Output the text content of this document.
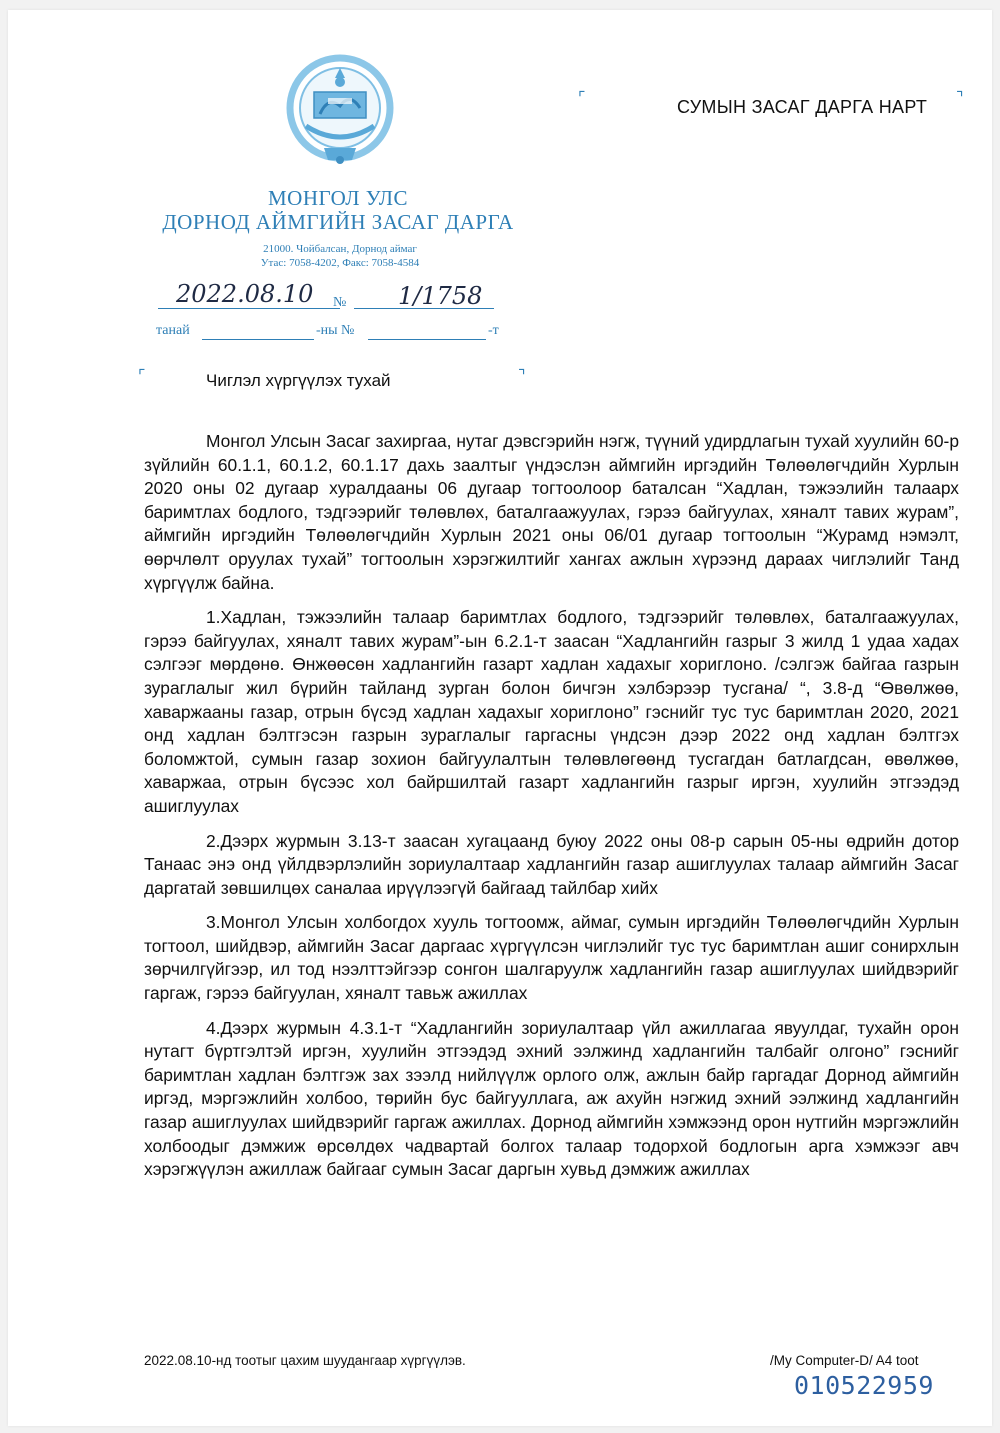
МОНГОЛ УЛС
ДОРНОД АЙМГИЙН ЗАСАГ ДАРГА
21000. Чойбалсан, Дорнод аймаг
Утас: 7058-4202, Факс: 7058-4584
2022.08.10 № 1/1758
танай	-ны №	-т
⌜	СУМЫН ЗАСАГ ДАРГА НАРТ ⌝
⌜	Чиглэл хүргүүлэх тухай	⌝

Монгол Улсын Засаг захиргаа, нутаг дэвсгэрийн нэгж, түүний удирдлагын тухай хуулийн 60-р зүйлийн 60.1.1, 60.1.2, 60.1.17 дахь заалтыг үндэслэн аймгийн иргэдийн Төлөөлөгчдийн Хурлын 2020 оны 02 дугаар хуралдааны 06 дугаар тогтоолоор баталсан “Хадлан, тэжээлийн талаарх баримтлах бодлого, тэдгээрийг төлөвлөх, баталгаажуулах, гэрээ байгуулах, хяналт тавих журам”, аймгийн иргэдийн Төлөөлөгчдийн Хурлын 2021 оны 06/01 дугаар тогтоолын “Журамд нэмэлт, өөрчлөлт оруулах тухай” тогтоолын хэрэгжилтийг хангах ажлын хүрээнд дараах чиглэлийг Танд хүргүүлж байна.

1.Хадлан, тэжээлийн талаар баримтлах бодлого, тэдгээрийг төлөвлөх, баталгаажуулах, гэрээ байгуулах, хяналт тавих журам”-ын 6.2.1-т заасан “Хадлангийн газрыг 3 жилд 1 удаа хадах сэлгээг мөрдөнө. Өнжөөсөн хадлангийн газарт хадлан хадахыг хориглоно. /сэлгэж байгаа газрын зураглалыг жил бүрийн тайланд зурган болон бичгэн хэлбэрээр тусгана/ “, 3.8-д “Өвөлжөө, хаваржааны газар, отрын бүсэд хадлан хадахыг хориглоно” гэснийг тус тус баримтлан 2020, 2021 онд хадлан бэлтгэсэн газрын зураглалыг гаргасны үндсэн дээр 2022 онд хадлан бэлтгэх боломжтой, сумын газар зохион байгуулалтын төлөвлөгөөнд тусгагдан батлагдсан, өвөлжөө, хаваржаа, отрын бүсээс хол байршилтай газарт хадлангийн газрыг иргэн, хуулийн этгээдэд ашиглуулах

2.Дээрх журмын 3.13-т заасан хугацаанд буюу 2022 оны 08-р сарын 05-ны өдрийн дотор Танаас энэ онд үйлдвэрлэлийн зориулалтаар хадлангийн газар ашиглуулах талаар аймгийн Засаг даргатай зөвшилцөх саналаа ирүүлээгүй байгаад тайлбар хийх

3.Монгол Улсын холбогдох хууль тогтоомж, аймаг, сумын иргэдийн Төлөөлөгчдийн Хурлын тогтоол, шийдвэр, аймгийн Засаг даргаас хүргүүлсэн чиглэлийг тус тус баримтлан ашиг сонирхлын зөрчилгүйгээр, ил тод нээлттэйгээр сонгон шалгаруулж хадлангийн газар ашиглуулах шийдвэрийг гаргаж, гэрээ байгуулан, хяналт тавьж ажиллах

4.Дээрх журмын 4.3.1-т “Хадлангийн зориулалтаар үйл ажиллагаа явуулдаг, тухайн орон нутагт бүртгэлтэй иргэн, хуулийн этгээдэд эхний ээлжинд хадлангийн талбайг олгоно” гэснийг баримтлан хадлан бэлтгэж зах зээлд нийлүүлж орлого олж, ажлын байр гаргадаг Дорнод аймгийн иргэд, мэргэжлийн холбоо, төрийн бус байгууллага, аж ахуйн нэгжид эхний ээлжинд хадлангийн газар ашиглуулах шийдвэрийг гаргаж ажиллах. Дорнод аймгийн хэмжээнд орон нутгийн мэргэжлийн холбоодыг дэмжиж өрсөлдөх чадвартай болгох талаар тодорхой бодлогын арга хэмжээг авч хэрэгжүүлэн ажиллаж байгааг сумын Засаг даргын хувьд дэмжиж ажиллах

2022.08.10-нд тоотыг цахим шуудангаар хүргүүлэв.	/My Computer-D/ A4 toot
010522959
